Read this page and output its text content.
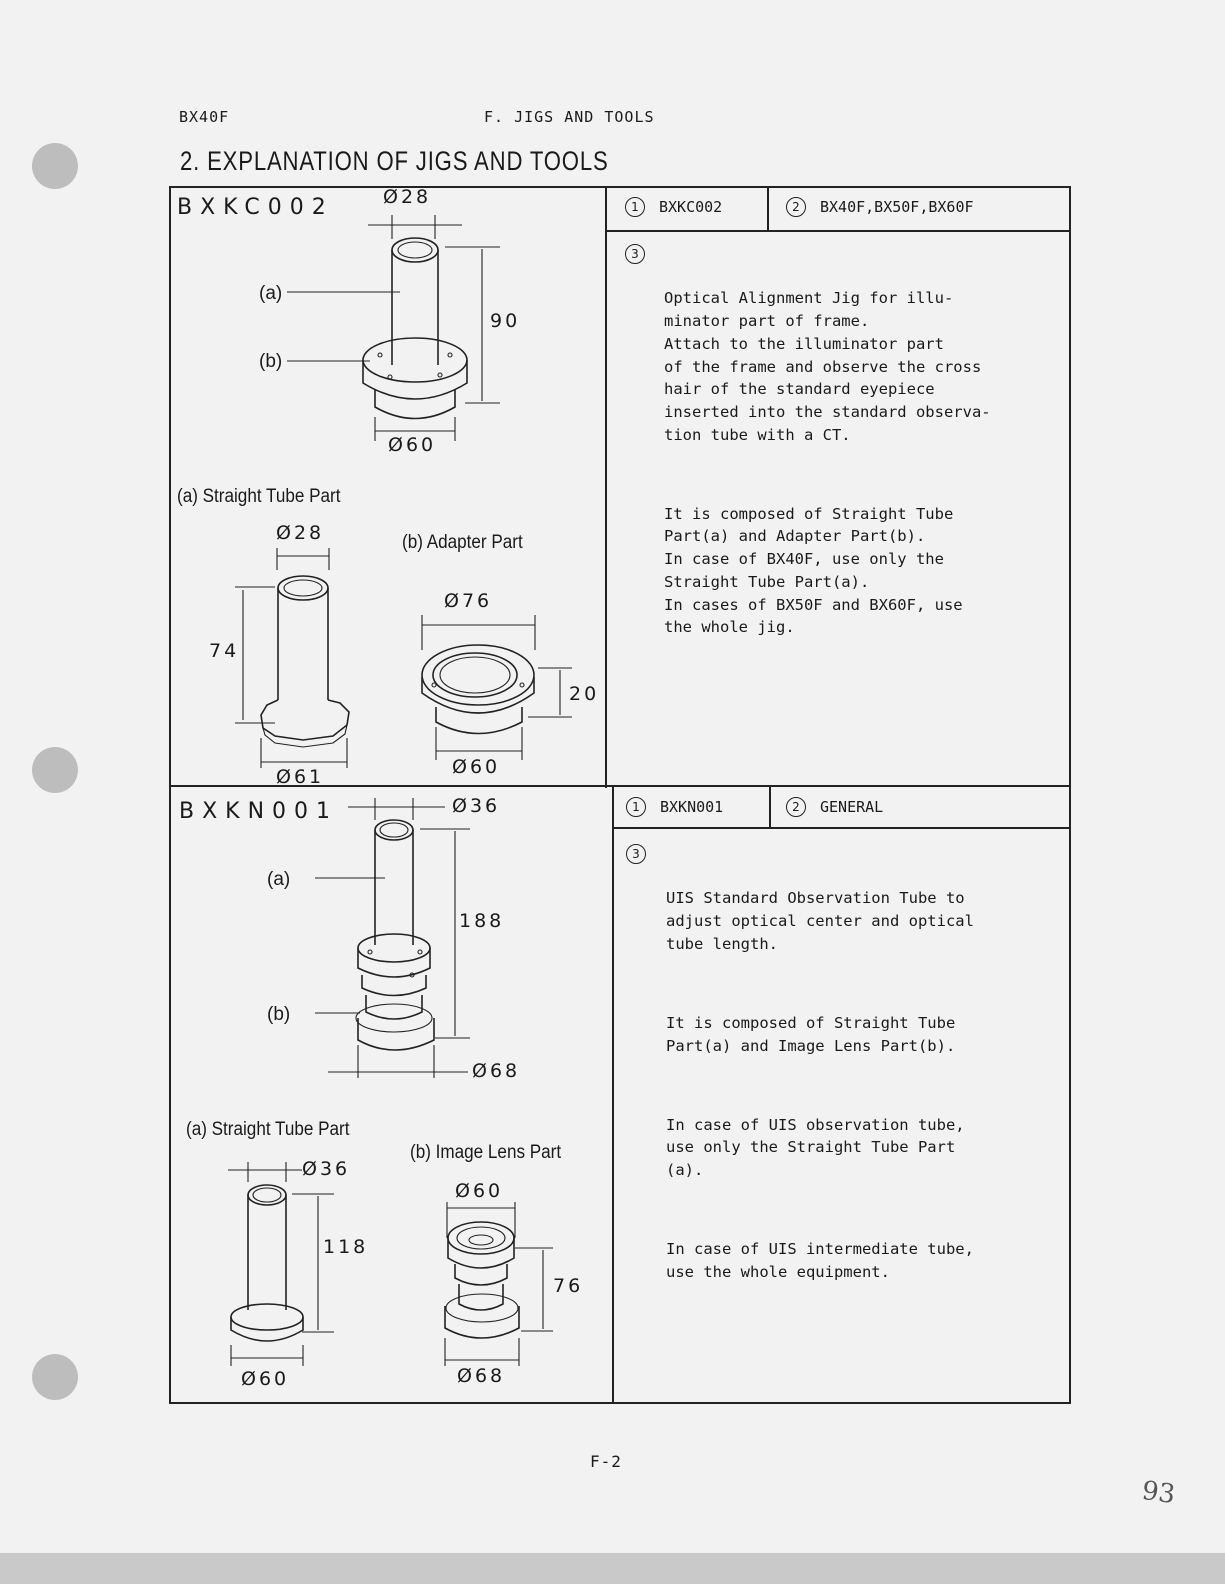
BX40F	F. JIGS AND TOOLS
2. EXPLANATION OF JIGS AND TOOLS
BXKC002	Ø28
90
Ø60
(a)
(b)
(a) Straight Tube Part
(b) Adapter Part
Ø28
74
Ø61
Ø76
20
Ø60
1	BXKC002	2	BX40F,BX50F,BX60F
3

Optical Alignment Jig for illu-
minator part of frame.
Attach to the illuminator part
of the frame and observe the cross
hair of the standard eyepiece
inserted into the standard observa-
tion tube with a CT.

It is composed of Straight Tube
Part(a) and Adapter Part(b).
In case of BX40F, use only the
Straight Tube Part(a).
In cases of BX50F and BX60F, use
the whole jig.

BXKN001	Ø36
188
Ø68
(a)
(b)
(a) Straight Tube Part
(b) Image Lens Part
Ø36
118
Ø60
Ø60
76
Ø68
1	BXKN001	2	GENERAL
3

UIS Standard Observation Tube to
adjust optical center and optical
tube length.

It is composed of Straight Tube
Part(a) and Image Lens Part(b).

In case of UIS observation tube,
use only the Straight Tube Part
(a).

In case of UIS intermediate tube,
use the whole equipment.

F-2
93
